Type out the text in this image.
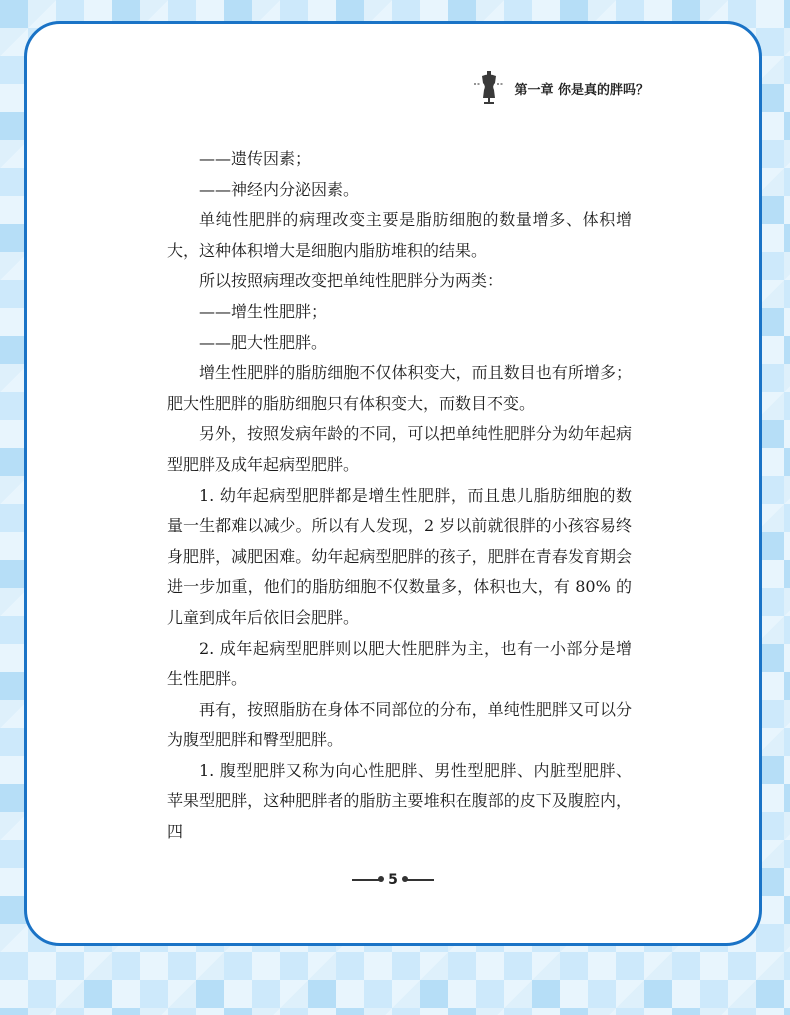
第一章 你是真的胖吗？

——遗传因素；

——神经内分泌因素。

单纯性肥胖的病理改变主要是脂肪细胞的数量增多、体积增大，这种体积增大是细胞内脂肪堆积的结果。

所以按照病理改变把单纯性肥胖分为两类：

——增生性肥胖；

——肥大性肥胖。

增生性肥胖的脂肪细胞不仅体积变大，而且数目也有所增多；肥大性肥胖的脂肪细胞只有体积变大，而数目不变。

另外，按照发病年龄的不同，可以把单纯性肥胖分为幼年起病型肥胖及成年起病型肥胖。

1. 幼年起病型肥胖都是增生性肥胖，而且患儿脂肪细胞的数量一生都难以减少。所以有人发现，2 岁以前就很胖的小孩容易终身肥胖，减肥困难。幼年起病型肥胖的孩子，肥胖在青春发育期会进一步加重，他们的脂肪细胞不仅数量多，体积也大，有 80% 的儿童到成年后依旧会肥胖。

2. 成年起病型肥胖则以肥大性肥胖为主，也有一小部分是增生性肥胖。

再有，按照脂肪在身体不同部位的分布，单纯性肥胖又可以分为腹型肥胖和臀型肥胖。

1. 腹型肥胖又称为向心性肥胖、男性型肥胖、内脏型肥胖、苹果型肥胖，这种肥胖者的脂肪主要堆积在腹部的皮下及腹腔内，四

5
